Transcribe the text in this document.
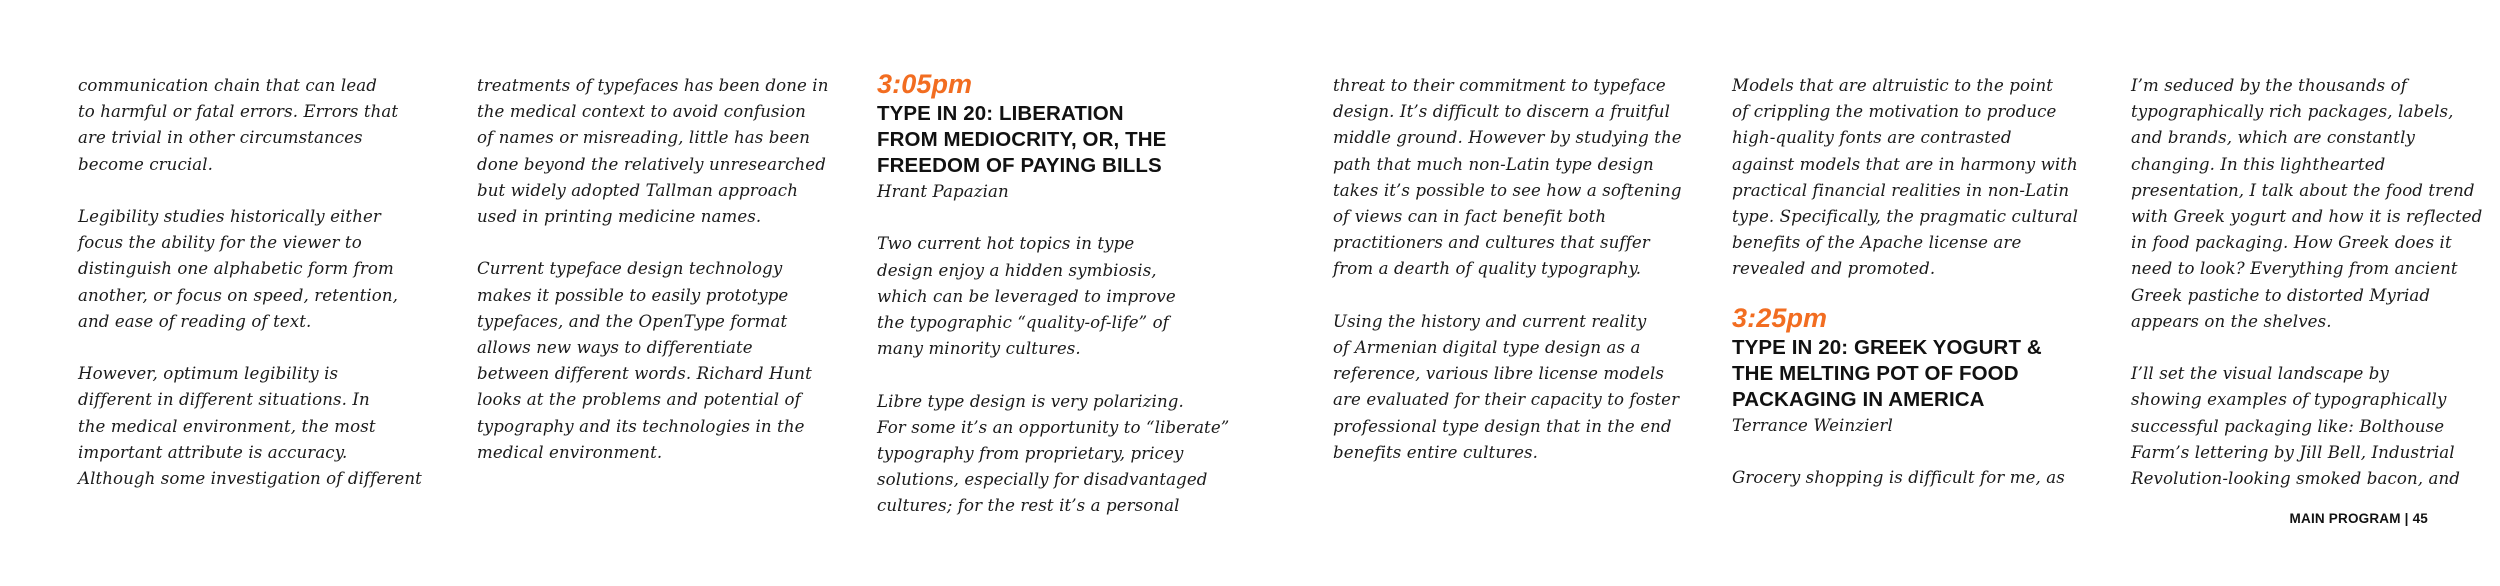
communication chain that can lead
to harmful or fatal errors. Errors that
are trivial in other circumstances
become crucial.

Legibility studies historically either
focus the ability for the viewer to
distinguish one alphabetic form from
another, or focus on speed, retention,
and ease of reading of text.

However, optimum legibility is
different in different situations. In
the medical environment, the most
important attribute is accuracy.
Although some investigation of different

treatments of typefaces has been done in
the medical context to avoid confusion
of names or misreading, little has been
done beyond the relatively unresearched
but widely adopted Tallman approach
used in printing medicine names.

Current typeface design technology
makes it possible to easily prototype
typefaces, and the OpenType format
allows new ways to differentiate
between different words. Richard Hunt
looks at the problems and potential of
typography and its technologies in the
medical environment.

3:05pm
TYPE IN 20: LIBERATION
FROM MEDIOCRITY, OR, THE
FREEDOM OF PAYING BILLS
Hrant Papazian

Two current hot topics in type
design enjoy a hidden symbiosis,
which can be leveraged to improve
the typographic “quality-of-life” of
many minority cultures.

Libre type design is very polarizing.
For some it’s an opportunity to “liberate”
typography from proprietary, pricey
solutions, especially for disadvantaged
cultures; for the rest it’s a personal

threat to their commitment to typeface
design. It’s difficult to discern a fruitful
middle ground. However by studying the
path that much non-Latin type design
takes it’s possible to see how a softening
of views can in fact benefit both
practitioners and cultures that suffer
from a dearth of quality typography.

Using the history and current reality
of Armenian digital type design as a
reference, various libre license models
are evaluated for their capacity to foster
professional type design that in the end
benefits entire cultures.

Models that are altruistic to the point
of crippling the motivation to produce
high-quality fonts are contrasted
against models that are in harmony with
practical financial realities in non-Latin
type. Specifically, the pragmatic cultural
benefits of the Apache license are
revealed and promoted.

3:25pm
TYPE IN 20: GREEK YOGURT &
THE MELTING POT OF FOOD
PACKAGING IN AMERICA
Terrance Weinzierl

Grocery shopping is difficult for me, as

I’m seduced by the thousands of
typographically rich packages, labels,
and brands, which are constantly
changing. In this lighthearted
presentation, I talk about the food trend
with Greek yogurt and how it is reflected
in food packaging. How Greek does it
need to look? Everything from ancient
Greek pastiche to distorted Myriad
appears on the shelves.

I’ll set the visual landscape by
showing examples of typographically
successful packaging like: Bolthouse
Farm’s lettering by Jill Bell, Industrial
Revolution-looking smoked bacon, and

MAIN PROGRAM | 45
